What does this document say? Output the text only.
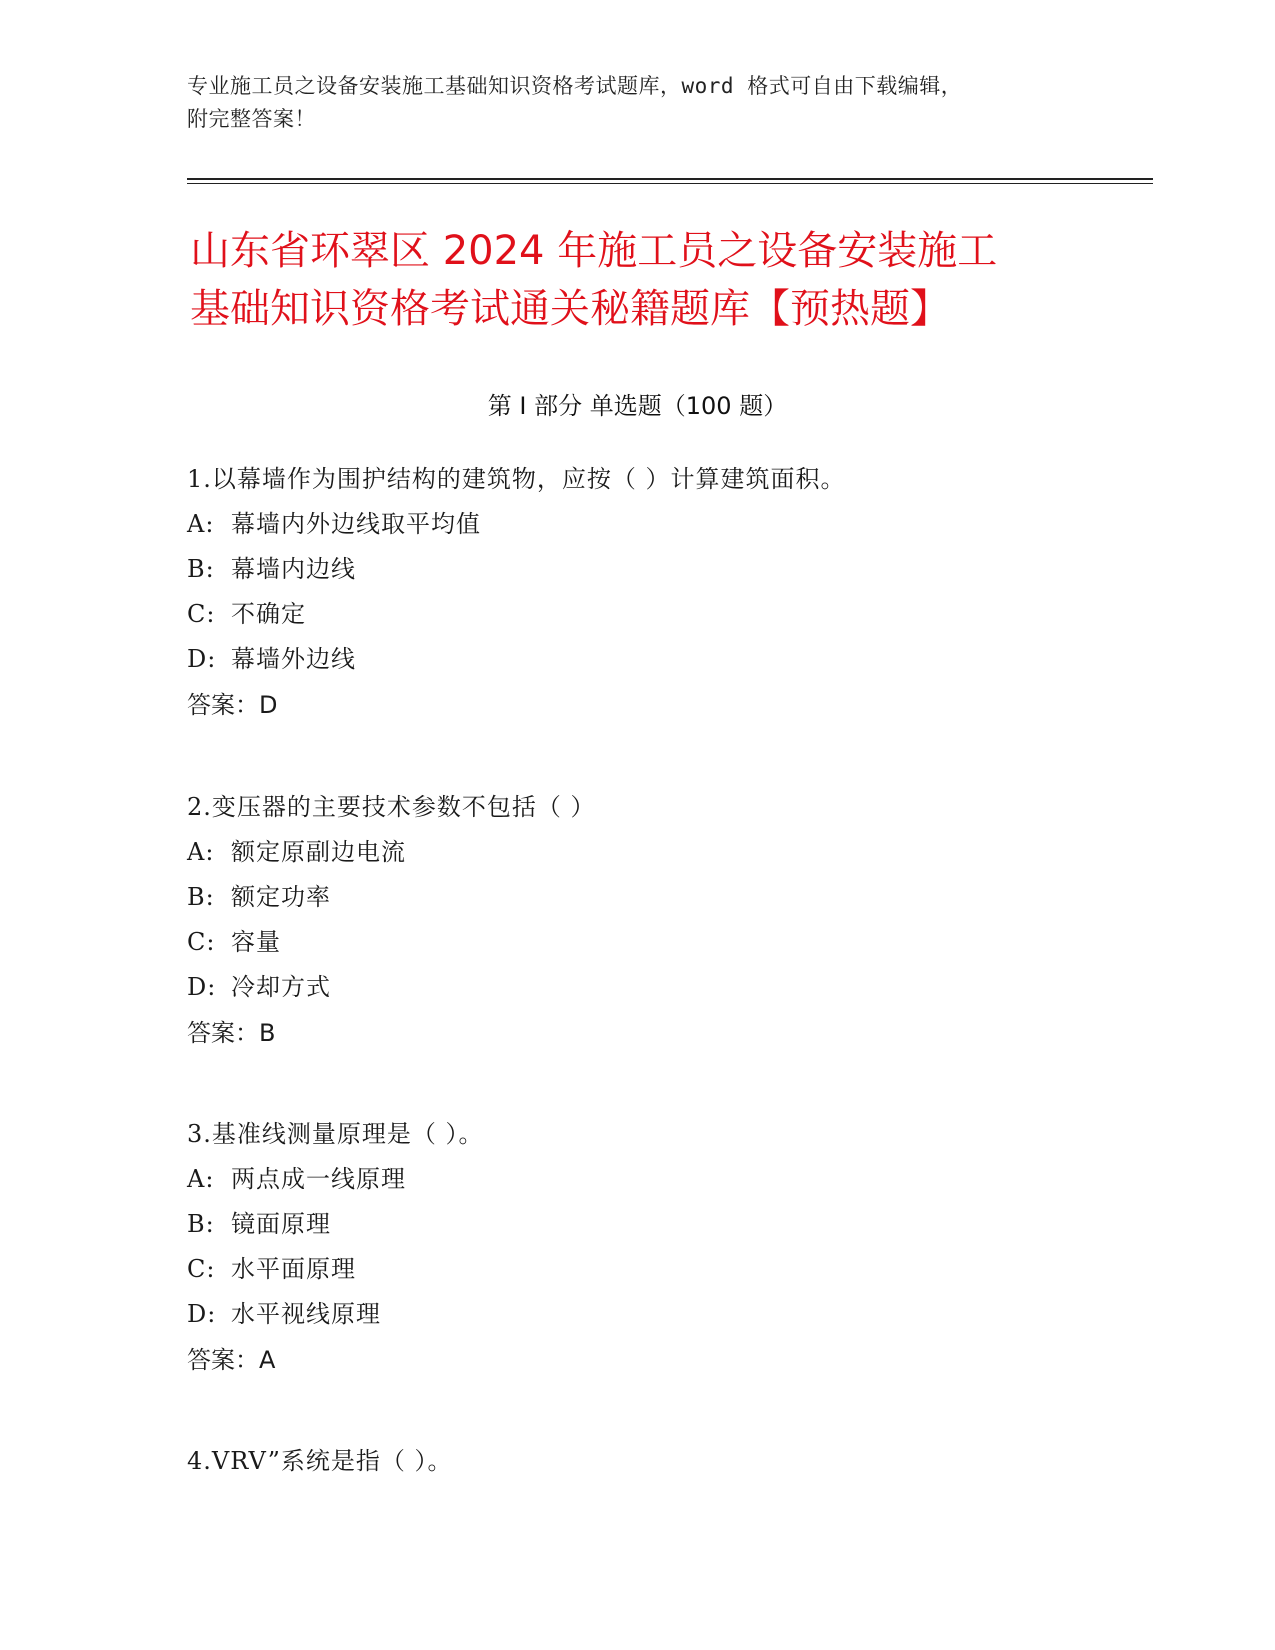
专业施工员之设备安装施工基础知识资格考试题库，word 格式可自由下载编辑，
附完整答案！
山东省环翠区 2024 年施工员之设备安装施工
基础知识资格考试通关秘籍题库【预热题】
第 I 部分 单选题（100 题）
1.以幕墙作为围护结构的建筑物，应按（ ）计算建筑面积。
A: 幕墙内外边线取平均值
B: 幕墙内边线
C: 不确定
D: 幕墙外边线
答案：D
2.变压器的主要技术参数不包括（ ）
A: 额定原副边电流
B: 额定功率
C: 容量
D: 冷却方式
答案：B
3.基准线测量原理是（ ）。
A: 两点成一线原理
B: 镜面原理
C: 水平面原理
D: 水平视线原理
答案：A
4.VRV”系统是指（ ）。
